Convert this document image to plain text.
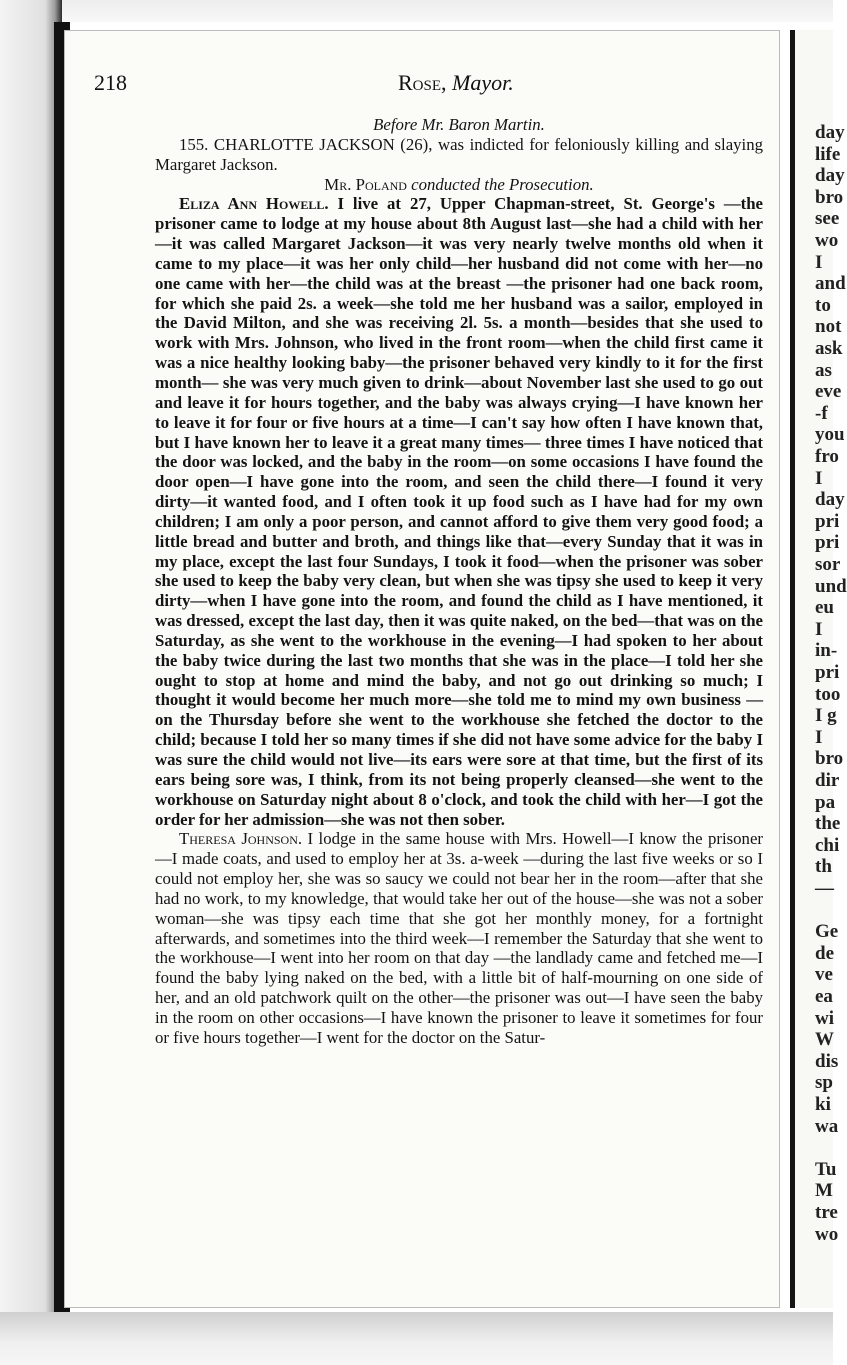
day
life
day
bro
see
wo
I
and
to
not
ask
as
eve
-f
you
fro
I
day
pri
pri
sor
und
eu
I
in-
pri
too
I g
I
bro
dir
pa
the
chi
th
—
Ge
de
ve
ea
wi
W
dis
sp
ki
wa
Tu
M
tre
wo
218	Rose, Mayor.

Before Mr. Baron Martin.

155. CHARLOTTE JACKSON (26), was indicted for feloniously killing and slaying Margaret Jackson.

Mr. Poland conducted the Prosecution.

Eliza Ann Howell. I live at 27, Upper Chapman-street, St. George's —the prisoner came to lodge at my house about 8th August last—she had a child with her—it was called Margaret Jackson—it was very nearly twelve months old when it came to my place—it was her only child—her husband did not come with her—no one came with her—the child was at the breast —the prisoner had one back room, for which she paid 2s. a week—she told me her husband was a sailor, employed in the David Milton, and she was receiving 2l. 5s. a month—besides that she used to work with Mrs. Johnson, who lived in the front room—when the child first came it was a nice healthy looking baby—the prisoner behaved very kindly to it for the first month— she was very much given to drink—about November last she used to go out and leave it for hours together, and the baby was always crying—I have known her to leave it for four or five hours at a time—I can't say how often I have known that, but I have known her to leave it a great many times— three times I have noticed that the door was locked, and the baby in the room—on some occasions I have found the door open—I have gone into the room, and seen the child there—I found it very dirty—it wanted food, and I often took it up food such as I have had for my own children; I am only a poor person, and cannot afford to give them very good food; a little bread and butter and broth, and things like that—every Sunday that it was in my place, except the last four Sundays, I took it food—when the prisoner was sober she used to keep the baby very clean, but when she was tipsy she used to keep it very dirty—when I have gone into the room, and found the child as I have mentioned, it was dressed, except the last day, then it was quite naked, on the bed—that was on the Saturday, as she went to the workhouse in the evening—I had spoken to her about the baby twice during the last two months that she was in the place—I told her she ought to stop at home and mind the baby, and not go out drinking so much; I thought it would become her much more—she told me to mind my own business —on the Thursday before she went to the workhouse she fetched the doctor to the child; because I told her so many times if she did not have some advice for the baby I was sure the child would not live—its ears were sore at that time, but the first of its ears being sore was, I think, from its not being properly cleansed—she went to the workhouse on Saturday night about 8 o'clock, and took the child with her—I got the order for her admission—she was not then sober.

Theresa Johnson. I lodge in the same house with Mrs. Howell—I know the prisoner—I made coats, and used to employ her at 3s. a-week —during the last five weeks or so I could not employ her, she was so saucy we could not bear her in the room—after that she had no work, to my knowledge, that would take her out of the house—she was not a sober woman—she was tipsy each time that she got her monthly money, for a fortnight afterwards, and sometimes into the third week—I remember the Saturday that she went to the workhouse—I went into her room on that day —the landlady came and fetched me—I found the baby lying naked on the bed, with a little bit of half-mourning on one side of her, and an old patchwork quilt on the other—the prisoner was out—I have seen the baby in the room on other occasions—I have known the prisoner to leave it sometimes for four or five hours together—I went for the doctor on the Satur-
